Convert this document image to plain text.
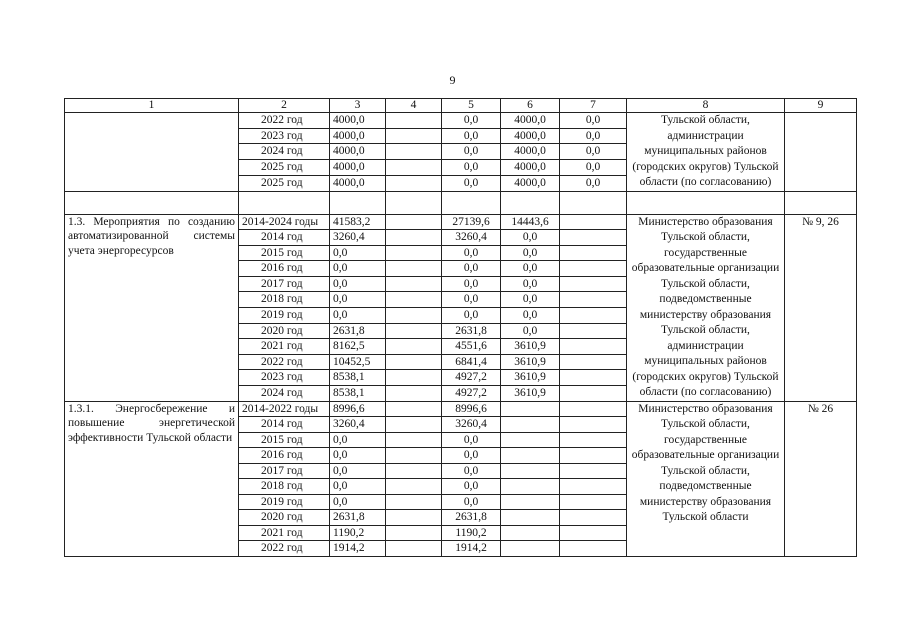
9
1	2	3	4	5	6	7	8	9
	2022 год	4000,0		0,0	4000,0	0,0	Тульской области, администрации муниципальных районов (городских округов) Тульской области (по согласованию)	
	2023 год	4000,0		0,0	4000,0	0,0		
	2024 год	4000,0		0,0	4000,0	0,0		
	2025 год	4000,0		0,0	4000,0	0,0		
	2025 год	4000,0		0,0	4000,0	0,0		

1.3. Мероприятия по созданию автоматизированной системы учета энергоресурсов	2014-2024 годы	41583,2		27139,6	14443,6		Министерство образования Тульской области, государственные образовательные организации Тульской области, подведомственные министерству образования Тульской области, администрации муниципальных районов (городских округов) Тульской области (по согласованию)	№ 9, 26
	2014 год	3260,4		3260,4	0,0			
	2015 год	0,0		0,0	0,0			
	2016 год	0,0		0,0	0,0			
	2017 год	0,0		0,0	0,0			
	2018 год	0,0		0,0	0,0			
	2019 год	0,0		0,0	0,0			
	2020 год	2631,8		2631,8	0,0			
	2021 год	8162,5		4551,6	3610,9			
	2022 год	10452,5		6841,4	3610,9			
	2023 год	8538,1		4927,2	3610,9			
	2024 год	8538,1		4927,2	3610,9			
1.3.1. Энергосбережение и повышение энергетической эффективности Тульской области	2014-2022 годы	8996,6		8996,6			Министерство образования Тульской области, государственные образовательные организации Тульской области, подведомственные министерству образования Тульской области	№ 26
	2014 год	3260,4		3260,4				
	2015 год	0,0		0,0				
	2016 год	0,0		0,0				
	2017 год	0,0		0,0				
	2018 год	0,0		0,0				
	2019 год	0,0		0,0				
	2020 год	2631,8		2631,8				
	2021 год	1190,2		1190,2				
	2022 год	1914,2		1914,2				
